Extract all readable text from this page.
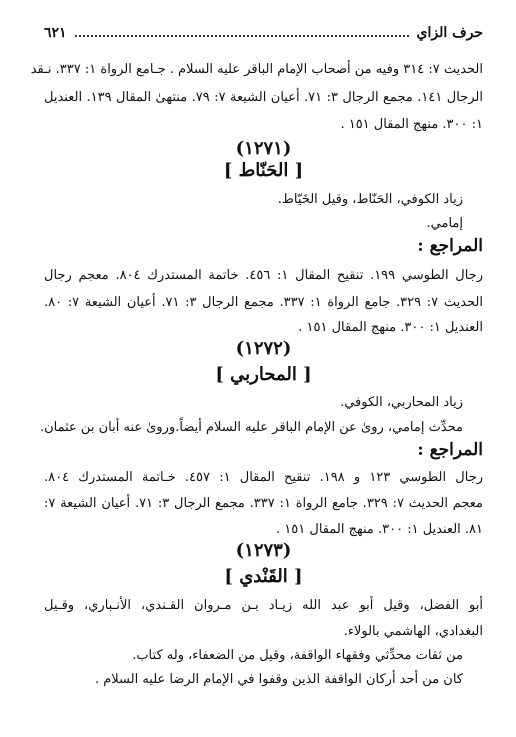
حرف الزاي
٦٢١
الحديث ٧: ٣١٤ وفيه من أصحاب الإمام الباقر عليه السلام . جـامع الرواة ١: ٣٣٧. نـقد
الرجال ١٤١. مجمع الرجال ٣: ٧١. أعيان الشيعة ٧: ٧٩. منتهىٰ المقال ١٣٩. العنديل
١: ٣٠٠. منهج المقال ١٥١ .
(١٢٧١)
[ الحَنّاط ]
زياد الكوفي، الحَنّاط، وقيل الخَيّاط.
إمامي.
المراجع :
رجال الطوسي ١٩٩. تنقيح المقال ١: ٤٥٦. خاتمة المستدرك ٨٠٤. معجم رجال
الحديث ٧: ٣٢٩. جامع الرواة ١: ٣٣٧. مجمع الرجال ٣: ٧١. أعيان الشيعة ٧: ٨٠.
العنديل ١: ٣٠٠. منهج المقال ١٥١ .
(١٢٧٢)
[ المحاربي ]
زياد المحاربي، الكوفي.
محدِّث إمامي، روىٰ عن الإمام الباقر عليه السلام أيضاً.وروىٰ عنه أبان بن عثمان.
المراجع :
رجال الطوسي ١٢٣ و ١٩٨. تنقيح المقال ١: ٤٥٧. خـاتمة المستدرك ٨٠٤.
معجم الحديث ٧: ٣٢٩. جامع الرواة ١: ٣٣٧. مجمع الرجال ٣: ٧١. أعيان الشيعة ٧:
٨١. العنديل ١: ٣٠٠. منهج المقال ١٥١ .
(١٢٧٣)
[ القَنْدي ]
أبو الفضل، وقيل أبو عبد الله زيـاد بـن مـروان القـندي، الأنـباري، وقـيل
البغدادي، الهاشمي بالولاء.
من ثقات محدِّثي وفقهاء الواقفة، وقيل من الضعفاء، وله كتاب.
كان من أحد أركان الواقفة الذين وقفوا في الإمام الرضا عليه السلام .
